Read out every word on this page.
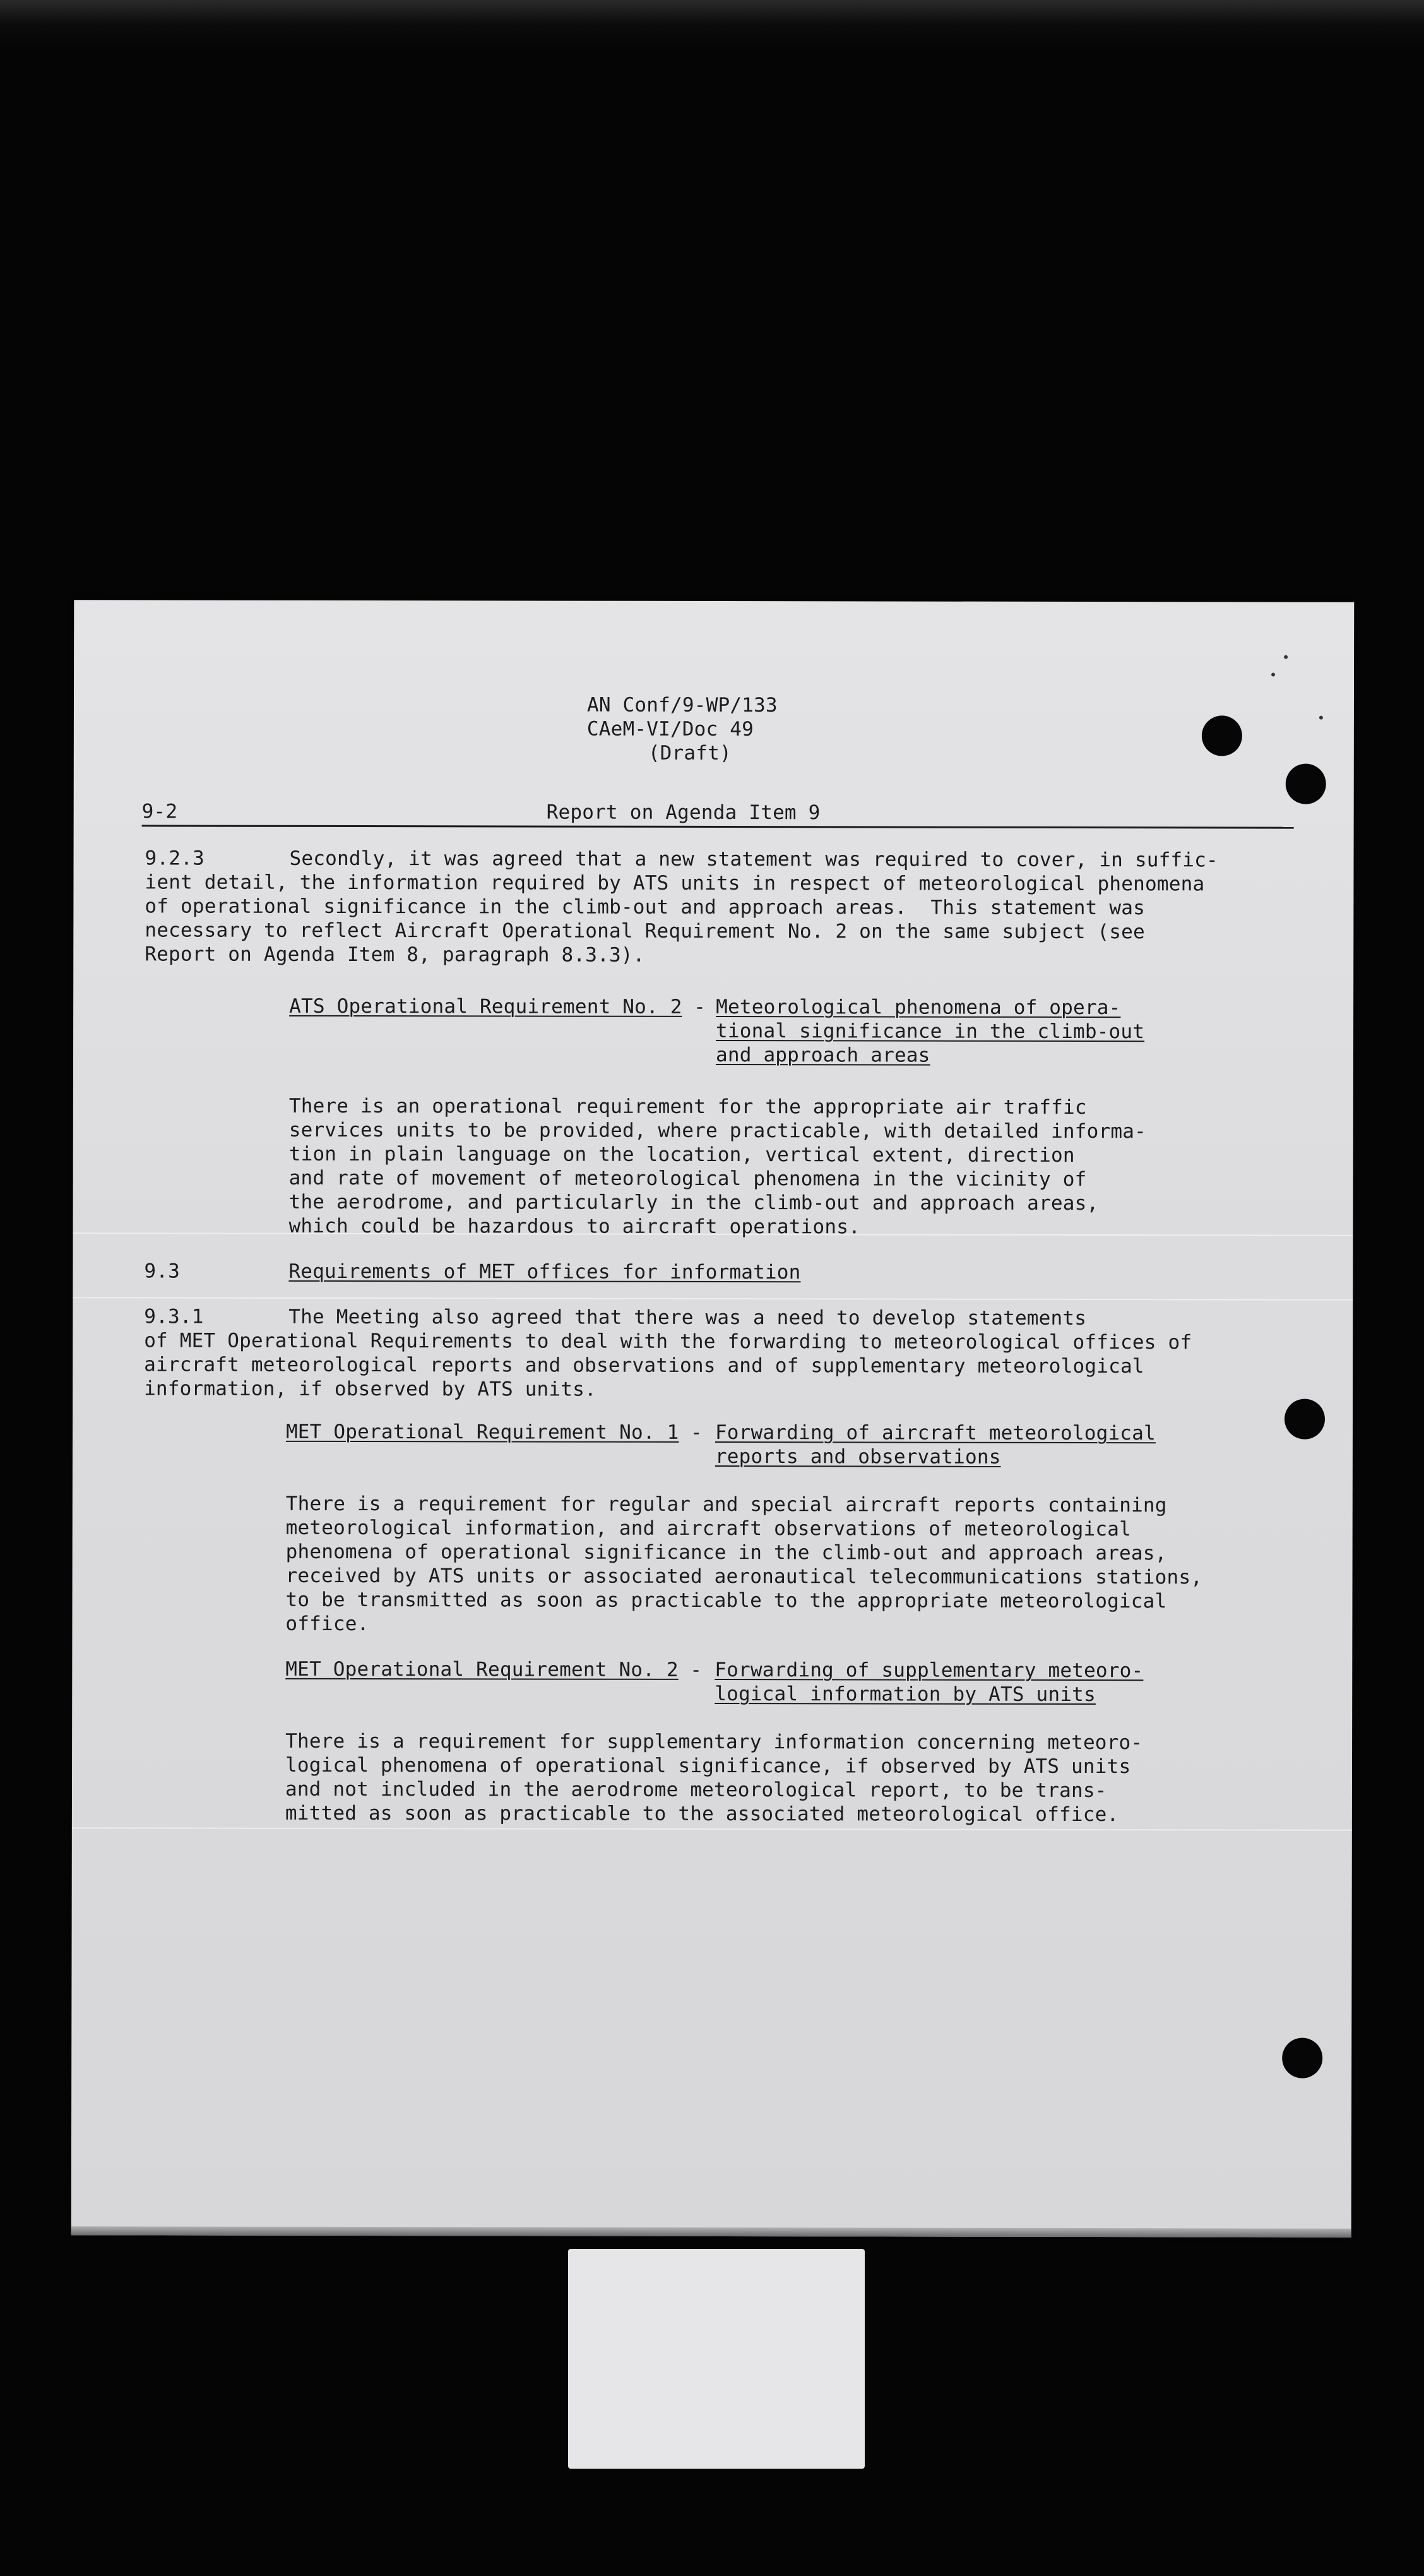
AN Conf/9-WP/133
CAeM-VI/Doc 49
(Draft)
9-2	Report on Agenda Item 9
9.2.3	Secondly, it was agreed that a new statement was required to cover, in suffic-
ient detail, the information required by ATS units in respect of meteorological phenomena
of operational significance in the climb-out and approach areas.  This statement was
necessary to reflect Aircraft Operational Requirement No. 2 on the same subject (see
Report on Agenda Item 8, paragraph 8.3.3).
ATS Operational Requirement No. 2 - Meteorological phenomena of opera-
tional significance in the climb-out
and approach areas
There is an operational requirement for the appropriate air traffic
services units to be provided, where practicable, with detailed informa-
tion in plain language on the location, vertical extent, direction
and rate of movement of meteorological phenomena in the vicinity of
the aerodrome, and particularly in the climb-out and approach areas,
which could be hazardous to aircraft operations.
9.3	Requirements of MET offices for information
9.3.1	The Meeting also agreed that there was a need to develop statements
of MET Operational Requirements to deal with the forwarding to meteorological offices of
aircraft meteorological reports and observations and of supplementary meteorological
information, if observed by ATS units.
MET Operational Requirement No. 1 - Forwarding of aircraft meteorological
reports and observations
There is a requirement for regular and special aircraft reports containing
meteorological information, and aircraft observations of meteorological
phenomena of operational significance in the climb-out and approach areas,
received by ATS units or associated aeronautical telecommunications stations,
to be transmitted as soon as practicable to the appropriate meteorological
office.
MET Operational Requirement No. 2 - Forwarding of supplementary meteoro-
logical information by ATS units
There is a requirement for supplementary information concerning meteoro-
logical phenomena of operational significance, if observed by ATS units
and not included in the aerodrome meteorological report, to be trans-
mitted as soon as practicable to the associated meteorological office.
